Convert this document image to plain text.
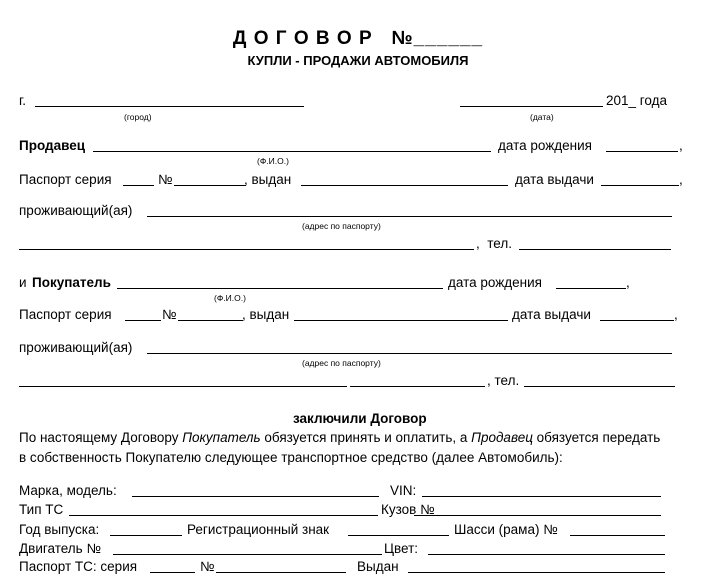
Д О Г О В О Р   №______
КУПЛИ - ПРОДАЖИ АВТОМОБИЛЯ
г.
(город)
201_ года
(дата)
Продавец	дата рождения	,
(Ф.И.О.)
Паспорт серия	№	, выдан	дата выдачи	,
проживающий(ая)
(адрес по паспорту)
,  тел.
и Покупатель	дата рождения	,
(Ф.И.О.)
Паспорт серия	№	, выдан	дата выдачи	,
проживающий(ая)
(адрес по паспорту)
, тел.
заключили Договор
По настоящему Договору Покупатель обязуется принять и оплатить, а Продавец обязуется передать
в собственность Покупателю следующее транспортное средство (далее Автомобиль):
Марка, модель:	VIN:
Тип ТС	Кузов №
Год выпуска:	Регистрационный знак	Шасси (рама) №
Двигатель №	Цвет:
Паспорт ТС: серия	№	Выдан
